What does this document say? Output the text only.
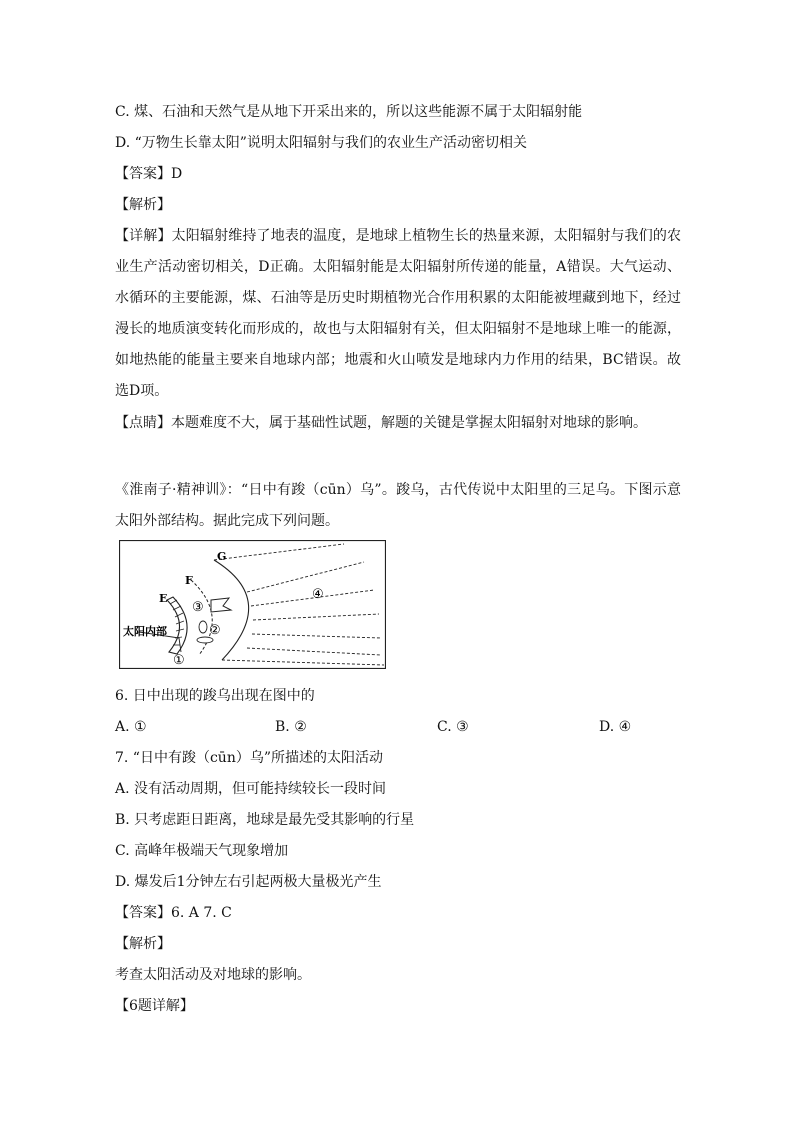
C. 煤、石油和天然气是从地下开采出来的，所以这些能源不属于太阳辐射能
D. “万物生长靠太阳”说明太阳辐射与我们的农业生产活动密切相关
【答案】D
【解析】
【详解】太阳辐射维持了地表的温度，是地球上植物生长的热量来源，太阳辐射与我们的农业生产活动密切相关，D正确。太阳辐射能是太阳辐射所传递的能量，A错误。大气运动、水循环的主要能源，煤、石油等是历史时期植物光合作用积累的太阳能被埋藏到地下，经过漫长的地质演变转化而形成的，故也与太阳辐射有关，但太阳辐射不是地球上唯一的能源，如地热能的能量主要来自地球内部；地震和火山喷发是地球内力作用的结果，BC错误。故选D项。
【点睛】本题难度不大，属于基础性试题，解题的关键是掌握太阳辐射对地球的影响。
《淮南子·精神训》：“日中有踆（cūn）乌”。踆乌，古代传说中太阳里的三足乌。下图示意太阳外部结构。据此完成下列问题。
G
F
E
太阳内部
①
②
③
④
6. 日中出现的踆乌出现在图中的
A. ①	B. ②	C. ③	D. ④
7. “日中有踆（cūn）乌”所描述的太阳活动
A. 没有活动周期，但可能持续较长一段时间
B. 只考虑距日距离，地球是最先受其影响的行星
C. 高峰年极端天气现象增加
D. 爆发后1分钟左右引起两极大量极光产生
【答案】6. A 7. C
【解析】
考查太阳活动及对地球的影响。
【6题详解】
